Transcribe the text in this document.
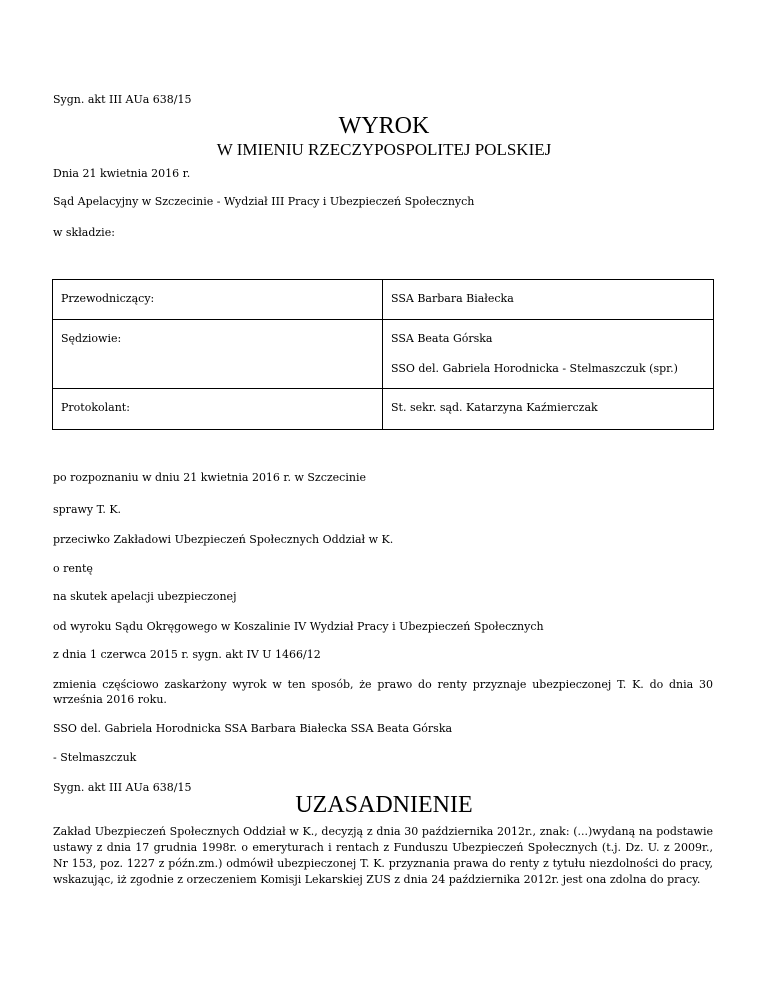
Sygn. akt III AUa 638/15
WYROK
W IMIENIU RZECZYPOSPOLITEJ POLSKIEJ
Dnia 21 kwietnia 2016 r.
Sąd Apelacyjny w Szczecinie - Wydział III Pracy i Ubezpieczeń Społecznych
w składzie:
Przewodniczący:	SSA Barbara Białecka
Sędziowie:	SSA Beata Górska
SSO del. Gabriela Horodnicka - Stelmaszczuk (spr.)

Protokolant:	St. sekr. sąd. Katarzyna Kaźmierczak
po rozpoznaniu w dniu 21 kwietnia 2016 r. w Szczecinie
sprawy T. K.
przeciwko Zakładowi Ubezpieczeń Społecznych Oddział w K.
o rentę
na skutek apelacji ubezpieczonej
od wyroku Sądu Okręgowego w Koszalinie IV Wydział Pracy i Ubezpieczeń Społecznych
z dnia 1 czerwca 2015 r. sygn. akt IV U 1466/12
zmienia częściowo zaskarżony wyrok w ten sposób, że prawo do renty przyznaje ubezpieczonej T. K. do dnia 30 września 2016 roku.
SSO del. Gabriela Horodnicka SSA Barbara Białecka SSA Beata Górska
- Stelmaszczuk
Sygn. akt III AUa 638/15
UZASADNIENIE
Zakład Ubezpieczeń Społecznych Oddział w K., decyzją z dnia 30 października 2012r., znak: (...)wydaną na podstawie ustawy z dnia 17 grudnia 1998r. o emeryturach i rentach z Funduszu Ubezpieczeń Społecznych (t.j. Dz. U. z 2009r., Nr 153, poz. 1227 z późn.zm.) odmówił ubezpieczonej T. K. przyznania prawa do renty z tytułu niezdolności do pracy, wskazując, iż zgodnie z orzeczeniem Komisji Lekarskiej ZUS z dnia 24 października 2012r. jest ona zdolna do pracy.
